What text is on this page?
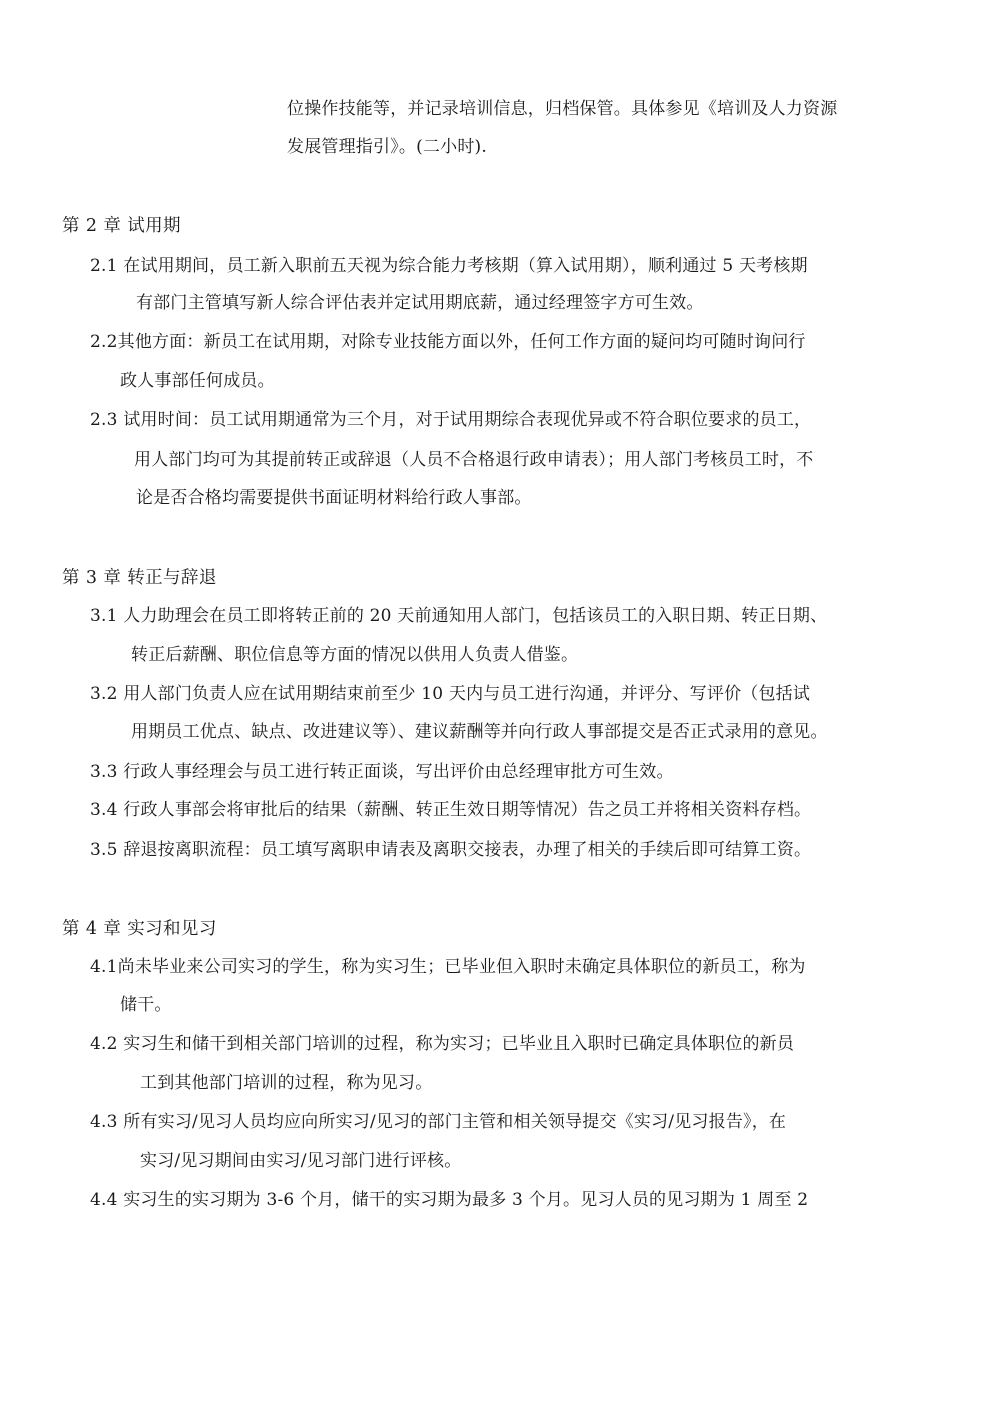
位操作技能等，并记录培训信息，归档保管。具体参见《培训及人力资源
发展管理指引》。(二小时).
第 2 章 试用期
2.1 在试用期间，员工新入职前五天视为综合能力考核期（算入试用期），顺利通过 5 天考核期
有部门主管填写新人综合评估表并定试用期底薪，通过经理签字方可生效。
2.2其他方面：新员工在试用期，对除专业技能方面以外，任何工作方面的疑问均可随时询问行
政人事部任何成员。
2.3 试用时间：员工试用期通常为三个月，对于试用期综合表现优异或不符合职位要求的员工，
用人部门均可为其提前转正或辞退（人员不合格退行政申请表）；用人部门考核员工时，不
论是否合格均需要提供书面证明材料给行政人事部。
第 3 章 转正与辞退
3.1 人力助理会在员工即将转正前的 20 天前通知用人部门，包括该员工的入职日期、转正日期、
转正后薪酬、职位信息等方面的情况以供用人负责人借鉴。
3.2 用人部门负责人应在试用期结束前至少 10 天内与员工进行沟通，并评分、写评价（包括试
用期员工优点、缺点、改进建议等）、建议薪酬等并向行政人事部提交是否正式录用的意见。
3.3 行政人事经理会与员工进行转正面谈，写出评价由总经理审批方可生效。
3.4 行政人事部会将审批后的结果（薪酬、转正生效日期等情况）告之员工并将相关资料存档。
3.5 辞退按离职流程：员工填写离职申请表及离职交接表，办理了相关的手续后即可结算工资。
第 4 章 实习和见习
4.1尚未毕业来公司实习的学生，称为实习生；已毕业但入职时未确定具体职位的新员工，称为
储干。
4.2 实习生和储干到相关部门培训的过程，称为实习；已毕业且入职时已确定具体职位的新员
工到其他部门培训的过程，称为见习。
4.3 所有实习/见习人员均应向所实习/见习的部门主管和相关领导提交《实习/见习报告》，在
实习/见习期间由实习/见习部门进行评核。
4.4 实习生的实习期为 3-6 个月，储干的实习期为最多 3 个月。见习人员的见习期为 1 周至 2
